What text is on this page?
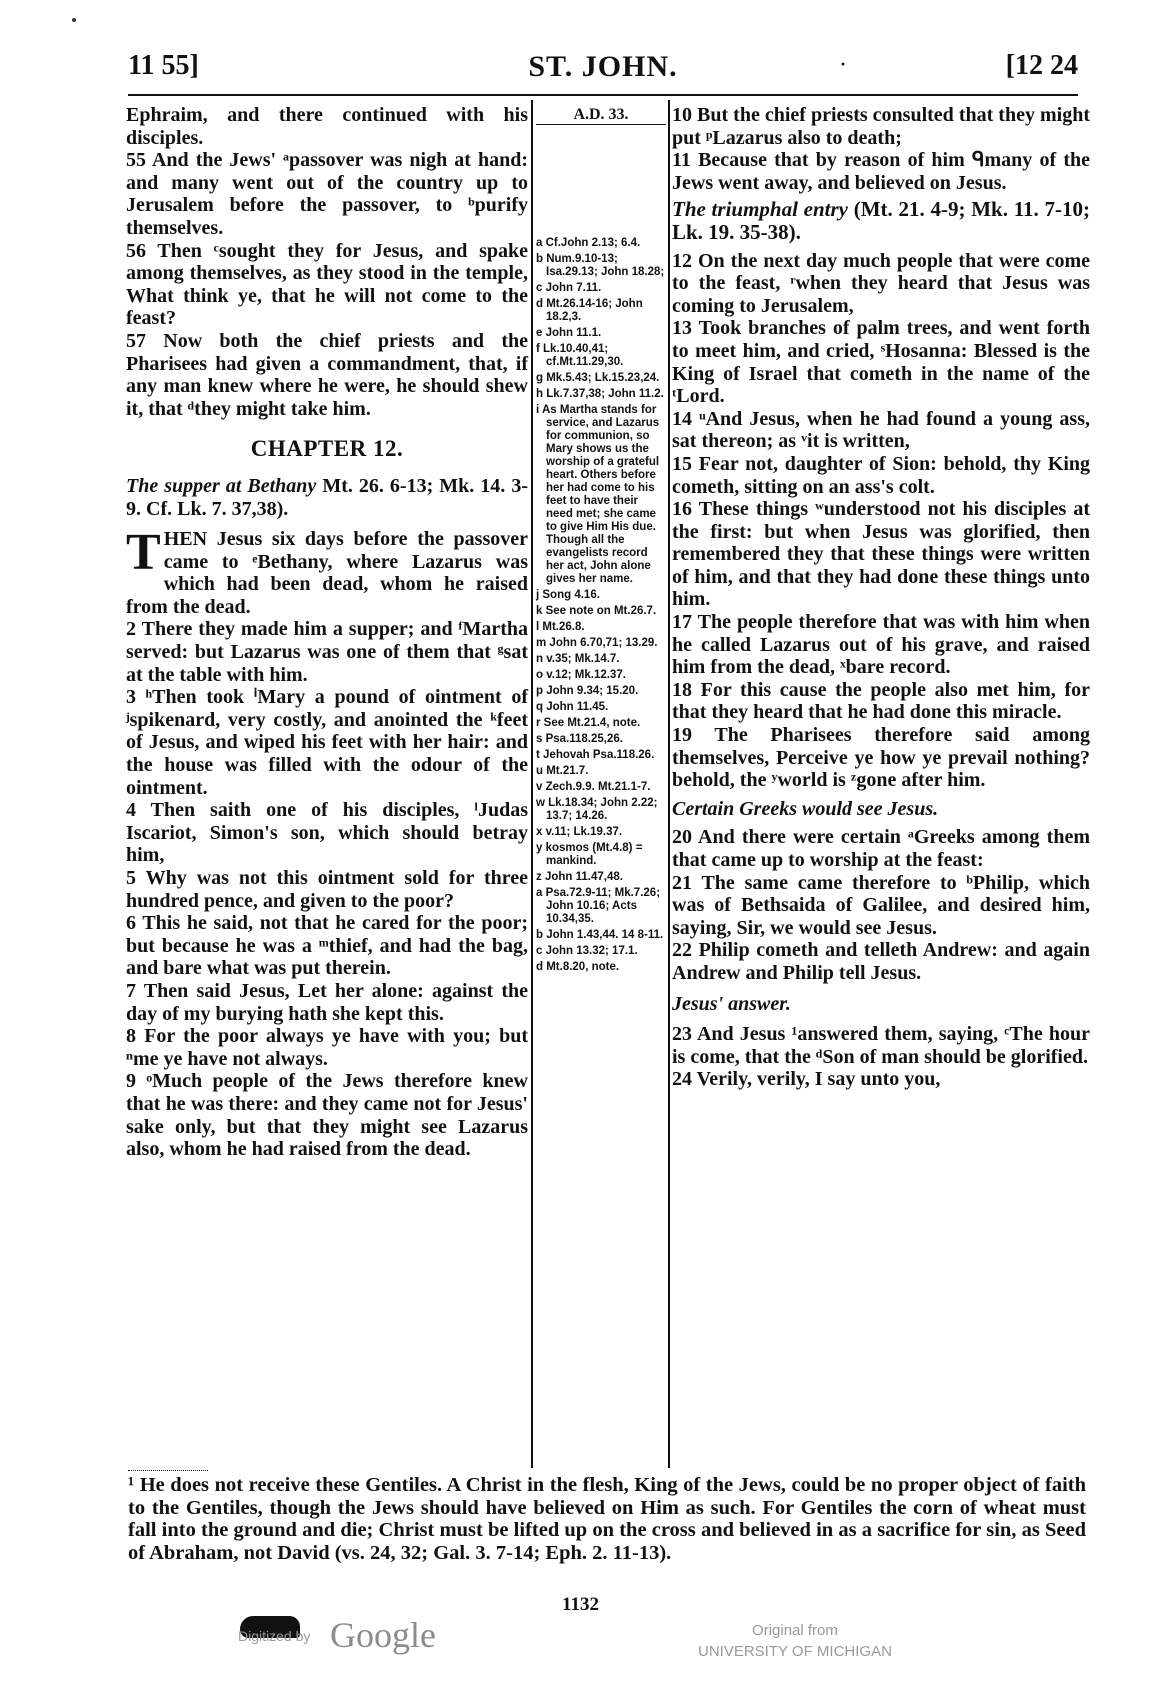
11 55]	ST. JOHN.	·	[12 24

Ephraim, and there continued with his disciples.

55 And the Jews' ᵃpassover was nigh at hand: and many went out of the country up to Jerusalem before the passover, to ᵇpurify themselves.

56 Then ᶜsought they for Jesus, and spake among themselves, as they stood in the temple, What think ye, that he will not come to the feast?

57 Now both the chief priests and the Pharisees had given a commandment, that, if any man knew where he were, he should shew it, that ᵈthey might take him.

CHAPTER 12.

The supper at Bethany Mt. 26. 6-13; Mk. 14. 3-9. Cf. Lk. 7. 37,38).

THEN Jesus six days before the passover came to ᵉBethany, where Lazarus was which had been dead, whom he raised from the dead.

2 There they made him a supper; and ᶠMartha served: but Lazarus was one of them that ᵍsat at the table with him.

3 ʰThen took ⁱMary a pound of ointment of ʲspikenard, very costly, and anointed the ᵏfeet of Jesus, and wiped his feet with her hair: and the house was filled with the odour of the ointment.

4 Then saith one of his disciples, ˡJudas Iscariot, Simon's son, which should betray him,

5 Why was not this ointment sold for three hundred pence, and given to the poor?

6 This he said, not that he cared for the poor; but because he was a ᵐthief, and had the bag, and bare what was put therein.

7 Then said Jesus, Let her alone: against the day of my burying hath she kept this.

8 For the poor always ye have with you; but ⁿme ye have not always.

9 ᵒMuch people of the Jews therefore knew that he was there: and they came not for Jesus' sake only, but that they might see Lazarus also, whom he had raised from the dead.

A.D. 33.
a Cf.John 2.13; 6.4.
b Num.9.10-13; Isa.29.13; John 18.28;
c John 7.11.
d Mt.26.14-16; John 18.2,3.
e John 11.1.
f Lk.10.40,41; cf.Mt.11.29,30.
g Mk.5.43; Lk.15.23,24.
h Lk.7.37,38; John 11.2.
i As Martha stands for service, and Lazarus for communion, so Mary shows us the worship of a grateful heart. Others before her had come to his feet to have their need met; she came to give Him His due. Though all the evangelists record her act, John alone gives her name.
j Song 4.16.
k See note on Mt.26.7.
l Mt.26.8.
m John 6.70,71; 13.29.
n v.35; Mk.14.7.
o v.12; Mk.12.37.
p John 9.34; 15.20.
q John 11.45.
r See Mt.21.4, note.
s Psa.118.25,26.
t Jehovah Psa.118.26.
u Mt.21.7.
v Zech.9.9. Mt.21.1-7.
w Lk.18.34; John 2.22; 13.7; 14.26.
x v.11; Lk.19.37.
y kosmos (Mt.4.8) = mankind.
z John 11.47,48.
a Psa.72.9-11; Mk.7.26; John 10.16; Acts 10.34,35.
b John 1.43,44. 14 8-11.
c John 13.32; 17.1.
d Mt.8.20, note.

10 But the chief priests consulted that they might put ᵖLazarus also to death;

11 Because that by reason of him ᑫmany of the Jews went away, and believed on Jesus.

The triumphal entry (Mt. 21. 4-9; Mk. 11. 7-10; Lk. 19. 35-38).

12 On the next day much people that were come to the feast, ʳwhen they heard that Jesus was coming to Jerusalem,

13 Took branches of palm trees, and went forth to meet him, and cried, ˢHosanna: Blessed is the King of Israel that cometh in the name of the ᵗLord.

14 ᵘAnd Jesus, when he had found a young ass, sat thereon; as ᵛit is written,

15 Fear not, daughter of Sion: behold, thy King cometh, sitting on an ass's colt.

16 These things ʷunderstood not his disciples at the first: but when Jesus was glorified, then remembered they that these things were written of him, and that they had done these things unto him.

17 The people therefore that was with him when he called Lazarus out of his grave, and raised him from the dead, ˣbare record.

18 For this cause the people also met him, for that they heard that he had done this miracle.

19 The Pharisees therefore said among themselves, Perceive ye how ye prevail nothing? behold, the ʸworld is ᶻgone after him.

Certain Greeks would see Jesus.

20 And there were certain ᵃGreeks among them that came up to worship at the feast:

21 The same came therefore to ᵇPhilip, which was of Bethsaida of Galilee, and desired him, saying, Sir, we would see Jesus.

22 Philip cometh and telleth Andrew: and again Andrew and Philip tell Jesus.

Jesus' answer.

23 And Jesus ¹answered them, saying, ᶜThe hour is come, that the ᵈSon of man should be glorified.

24 Verily, verily, I say unto you,

¹ He does not receive these Gentiles. A Christ in the flesh, King of the Jews, could be no proper object of faith to the Gentiles, though the Jews should have believed on Him as such. For Gentiles the corn of wheat must fall into the ground and die; Christ must be lifted up on the cross and believed in as a sacrifice for sin, as Seed of Abraham, not David (vs. 24, 32; Gal. 3. 7-14; Eph. 2. 11-13).
1132
Digitized by Google	Original from
UNIVERSITY OF MICHIGAN
